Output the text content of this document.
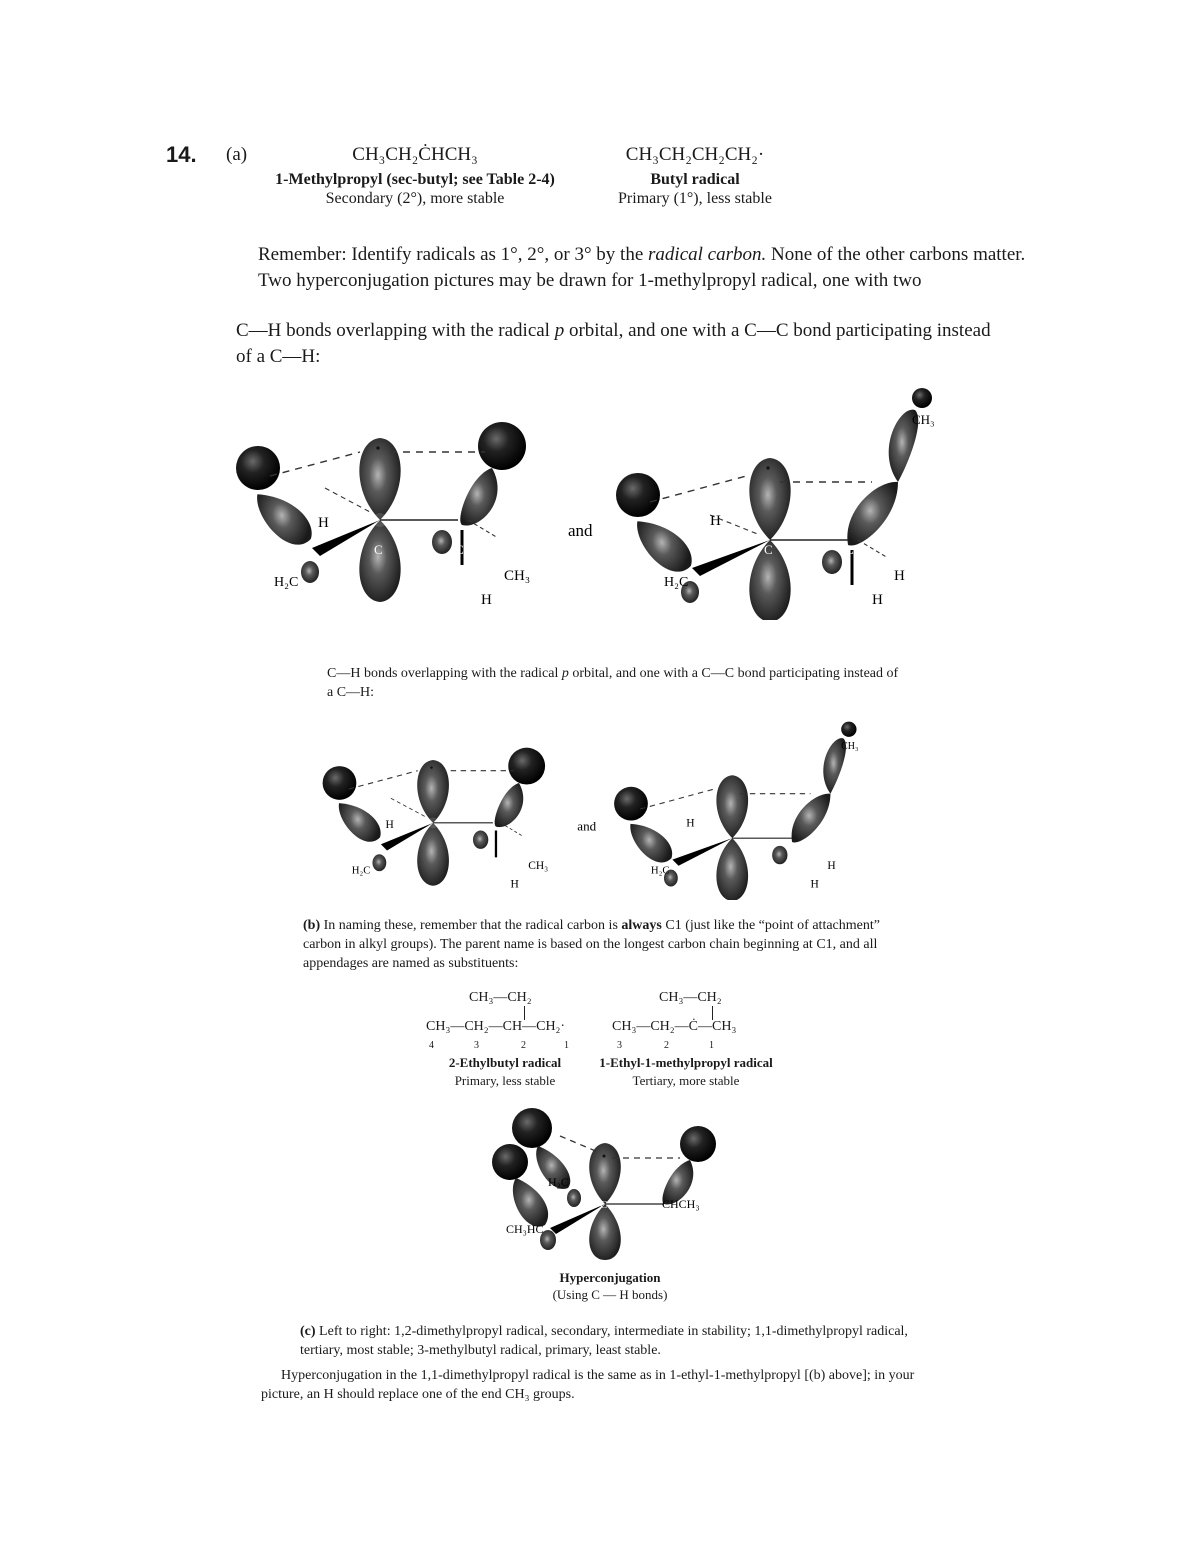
14. (a)	CH₃CH₂ĊHCH₃
1-Methylpropyl (sec-butyl; see Table 2-4)
Secondary (2°), more stable
CH₃CH₂CH₂CH₂·
Butyl radical
Primary (1°), less stable
Remember: Identify radicals as 1°, 2°, or 3° by the radical carbon. None of the other carbons matter. Two hyperconjugation pictures may be drawn for 1-methylpropyl radical, one with two
C—H bonds overlapping with the radical p orbital, and one with a C—C bond participating instead of a C—H:
H
H₂C
C	C
CH₃
H
and	H
H₂C
C	C
H
H
CH₃
C—H bonds overlapping with the radical p orbital, and one with a C—C bond participating instead of a C—H:
H
H₂C	CH₃
H
and	H
H₂C	H
H
CH₃
(b) In naming these, remember that the radical carbon is always C1 (just like the “point of attachment” carbon in alkyl groups). The parent name is based on the longest carbon chain beginning at C1, and all appendages are named as substituents:
CH₃—CH₂
CH₃—CH₂—CH—CH₂·
4	3	2	1
2-Ethylbutyl radical
Primary, less stable
CH₃—CH₂
CH₃—CH₂—Ċ—CH₃
3	2	1
1-Ethyl-1-methylpropyl radical
Tertiary, more stable
H₂C
C	CHCH₃
CH₃HC
Hyperconjugation
(Using C — H bonds)
(c) Left to right: 1,2-dimethylpropyl radical, secondary, intermediate in stability; 1,1-dimethylpropyl radical, tertiary, most stable; 3-methylbutyl radical, primary, least stable.
Hyperconjugation in the 1,1-dimethylpropyl radical is the same as in 1-ethyl-1-methylpropyl [(b) above]; in your picture, an H should replace one of the end CH₃ groups.
